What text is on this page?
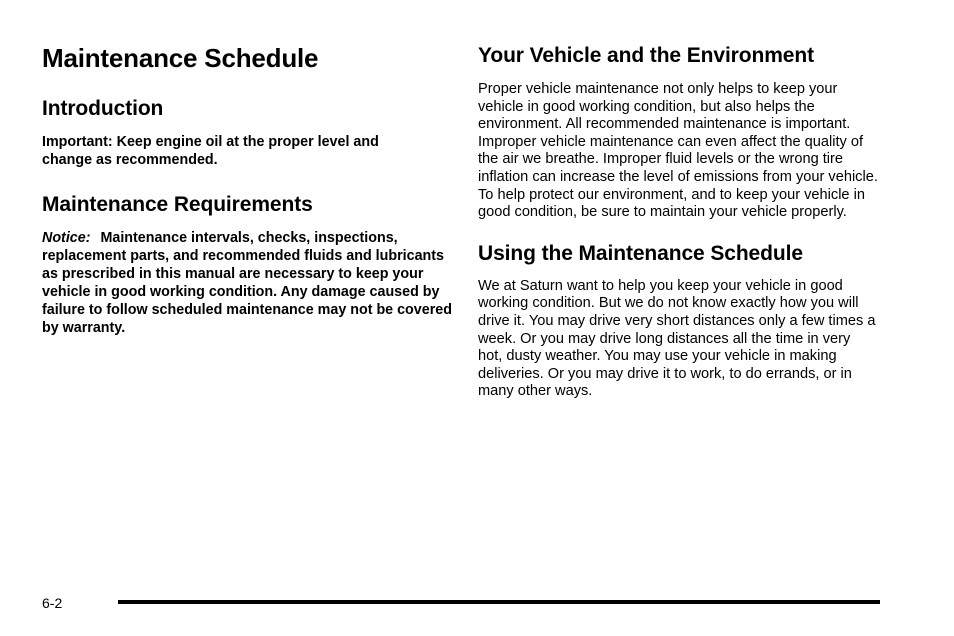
Maintenance Schedule
Introduction

Important: Keep engine oil at the proper level and change as recommended.

Maintenance Requirements

Notice: Maintenance intervals, checks, inspections, replacement parts, and recommended fluids and lubricants as prescribed in this manual are necessary to keep your vehicle in good working condition. Any damage caused by failure to follow scheduled maintenance may not be covered by warranty.

Your Vehicle and the Environment

Proper vehicle maintenance not only helps to keep your vehicle in good working condition, but also helps the environment. All recommended maintenance is important. Improper vehicle maintenance can even affect the quality of the air we breathe. Improper fluid levels or the wrong tire inflation can increase the level of emissions from your vehicle. To help protect our environment, and to keep your vehicle in good condition, be sure to maintain your vehicle properly.

Using the Maintenance Schedule

We at Saturn want to help you keep your vehicle in good working condition. But we do not know exactly how you will drive it. You may drive very short distances only a few times a week. Or you may drive long distances all the time in very hot, dusty weather. You may use your vehicle in making deliveries. Or you may drive it to work, to do errands, or in many other ways.

6-2
